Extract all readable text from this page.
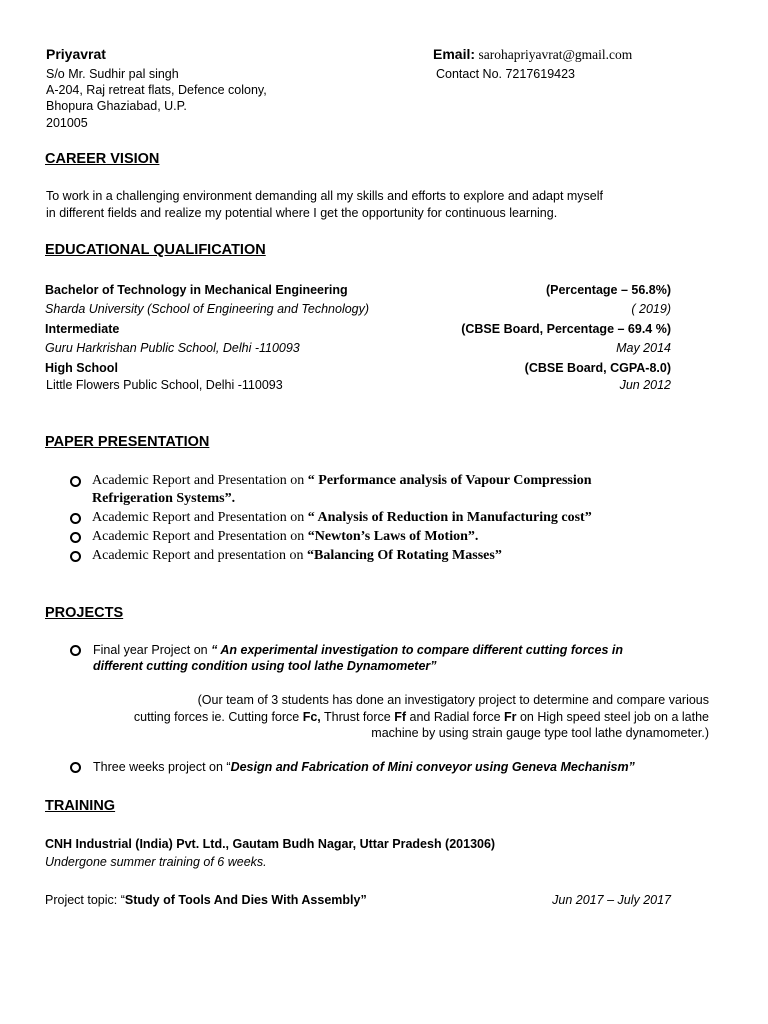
Priyavrat
S/o Mr. Sudhir pal singh
A-204, Raj retreat flats, Defence colony,
Bhopura Ghaziabad, U.P.
201005
Email: sarohapriyavrat@gmail.com
Contact No. 7217619423
CAREER VISION
To work in a challenging environment demanding all my skills and efforts to explore and adapt myself
in different fields and realize my potential where I get the opportunity for continuous learning.
EDUCATIONAL QUALIFICATION
Bachelor of Technology in Mechanical Engineering	(Percentage – 56.8%)
Sharda University (School of Engineering and Technology)	( 2019)
Intermediate	(CBSE Board, Percentage – 69.4 %)
Guru Harkrishan Public School, Delhi -110093	May 2014
High School	(CBSE Board, CGPA-8.0)
Little Flowers Public School, Delhi -110093	Jun 2012
PAPER PRESENTATION
Academic Report and Presentation on “ Performance analysis of Vapour Compression
Refrigeration Systems”.
Academic Report and Presentation on “ Analysis of Reduction in Manufacturing cost”
Academic Report and Presentation on “Newton’s Laws of Motion”.
Academic Report and presentation on “Balancing Of Rotating Masses”
PROJECTS
Final year Project on “ An experimental investigation to compare different cutting forces in
different cutting condition using tool lathe Dynamometer”
(Our team of 3 students has done an investigatory project to determine and compare various
cutting forces ie. Cutting force Fc, Thrust force Ff and Radial force Fr on High speed steel job on a lathe
machine by using strain gauge type tool lathe dynamometer.)
Three weeks project on “Design and Fabrication of Mini conveyor using Geneva Mechanism”
TRAINING
CNH Industrial (India) Pvt. Ltd., Gautam Budh Nagar, Uttar Pradesh (201306)
Undergone summer training of 6 weeks.
Project topic: “Study of Tools And Dies With Assembly”	Jun 2017 – July 2017
